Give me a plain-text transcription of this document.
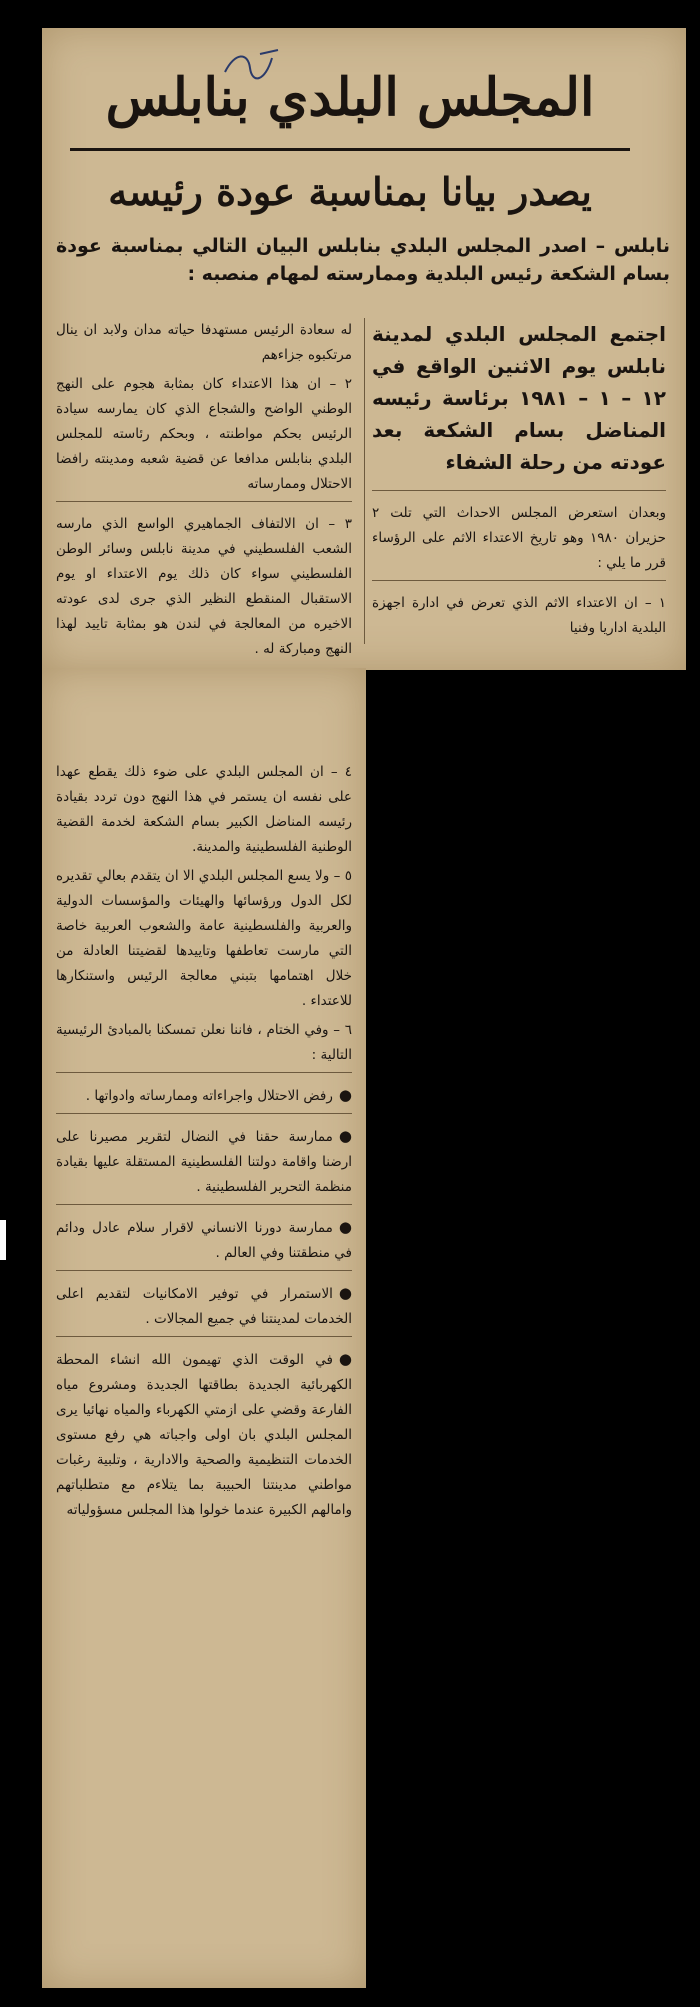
المجلس البلدي بنابلس
يصدر بيانا بمناسبة عودة رئيسه
نابلس – اصدر المجلس البلدي بنابلس البيان التالي بمناسبة عودة بسام الشكعة رئيس البلدية وممارسته لمهام منصبه :

اجتمع المجلس البلدي لمدينة نابلس يوم الاثنين الواقع في ١٢ – ١ – ١٩٨١ برئاسة رئيسه المناضل بسام الشكعة بعد عودته من رحلة الشفاء

وبعدان استعرض المجلس الاحداث التي تلت ٢ حزيران ١٩٨٠ وهو تاريخ الاعتداء الاثم على الرؤساء قرر ما يلي :

١ – ان الاعتداء الاثم الذي تعرض في ادارة اجهزة البلدية اداريا وفنيا

له سعادة الرئيس مستهدفا حياته مدان ولابد ان ينال مرتكبوه جزاءهم

٢ – ان هذا الاعتداء كان بمثابة هجوم على النهج الوطني الواضح والشجاع الذي كان يمارسه سيادة الرئيس بحكم مواطنته ، وبحكم رئاسته للمجلس البلدي بنابلس مدافعا عن قضية شعبه ومدينته رافضا الاحتلال وممارساته

٣ – ان الالتفاف الجماهيري الواسع الذي مارسه الشعب الفلسطيني في مدينة نابلس وسائر الوطن الفلسطيني سواء كان ذلك يوم الاعتداء او يوم الاستقبال المنقطع النظير الذي جرى لدى عودته الاخيره من المعالجة في لندن هو بمثابة تاييد لهذا النهج ومباركة له .

٤ – ان المجلس البلدي على ضوء ذلك يقطع عهدا على نفسه ان يستمر في هذا النهج دون تردد بقيادة رئيسه المناضل الكبير بسام الشكعة لخدمة القضية الوطنية الفلسطينية والمدينة.

٥ – ولا يسع المجلس البلدي الا ان يتقدم بعالي تقديره لكل الدول ورؤسائها والهيئات والمؤسسات الدولية والعربية والفلسطينية عامة والشعوب العربية خاصة التي مارست تعاطفها وتاييدها لقضيتنا العادلة من خلال اهتمامها بتبني معالجة الرئيس واستنكارها للاعتداء .

٦ – وفي الختام ، فاننا نعلن تمسكنا بالمبادئ الرئيسية التالية :

●رفض الاحتلال واجراءاته وممارساته وادواتها .

●ممارسة حقنا في النضال لتقرير مصيرنا على ارضنا واقامة دولتنا الفلسطينية المستقلة عليها بقيادة منظمة التحرير الفلسطينية .

●ممارسة دورنا الانساني لاقرار سلام عادل ودائم في منطقتنا وفي العالم .

●الاستمرار في توفير الامكانيات لتقديم اعلى الخدمات لمدينتنا في جميع المجالات .

●في الوقت الذي تهيمون الله انشاء المحطة الكهربائية الجديدة بطاقتها الجديدة ومشروع مياه الفارعة وقضي على ازمتي الكهرباء والمياه نهائيا يرى المجلس البلدي بان اولى واجباته هي رفع مستوى الخدمات التنظيمية والصحية والادارية ، وتلبية رغبات مواطني مدينتنا الحبيبة بما يتلاءم مع متطلباتهم وامالهم الكبيرة عندما خولوا هذا المجلس مسؤولياته
